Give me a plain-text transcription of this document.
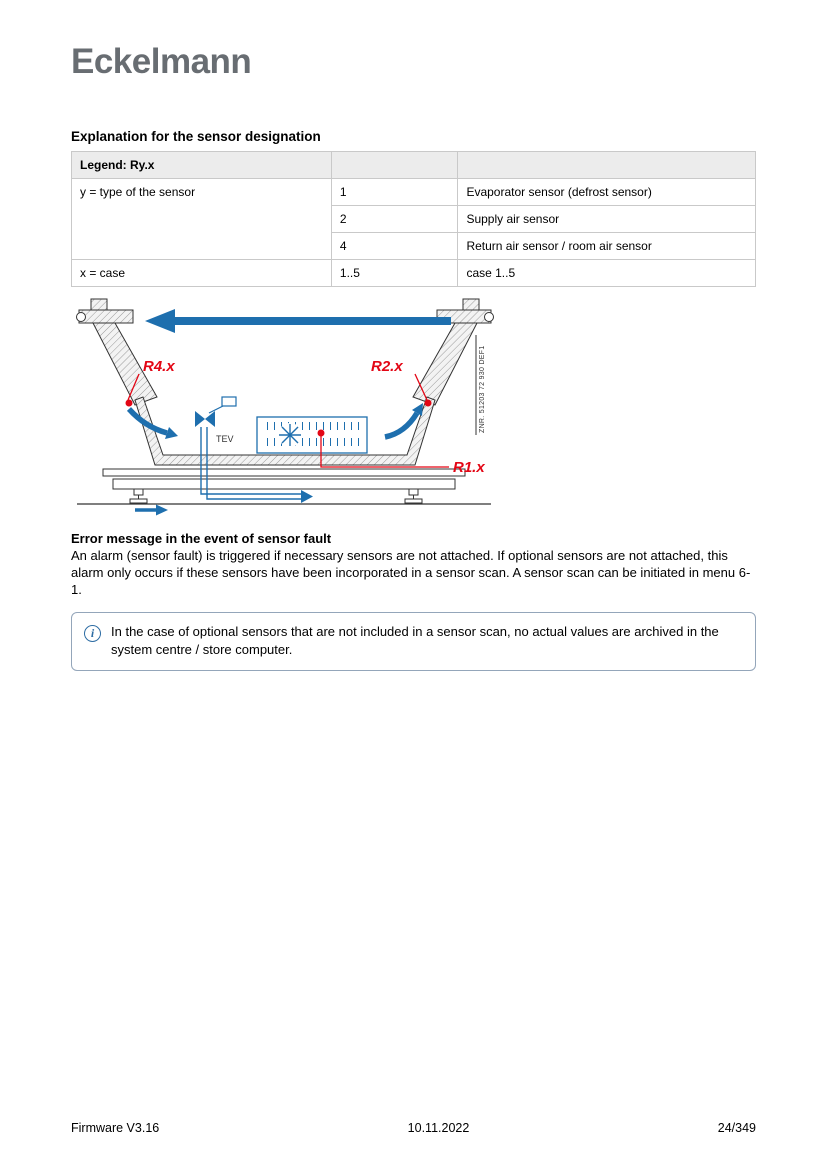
Eckelmann
Explanation for the sensor designation
Legend: Ry.x		
y = type of the sensor	1	Evaporator sensor (defrost sensor)
	2	Supply air sensor
	4	Return air sensor / room air sensor
x = case	1..5	case 1..5
ZNR. 51203 72 930 DEF1
TEV
R4.x	R2.x
R1.x
Error message in the event of sensor fault

An alarm (sensor fault) is triggered if necessary sensors are not attached. If optional sensors are not attached, this alarm only occurs if these sensors have been incorporated in a sensor scan. A sensor scan can be initiated in menu 6-1.

i	In the case of optional sensors that are not included in a sensor scan, no actual values are archived in the system centre / store computer.

Firmware V3.16	10.11.2022	24/349
